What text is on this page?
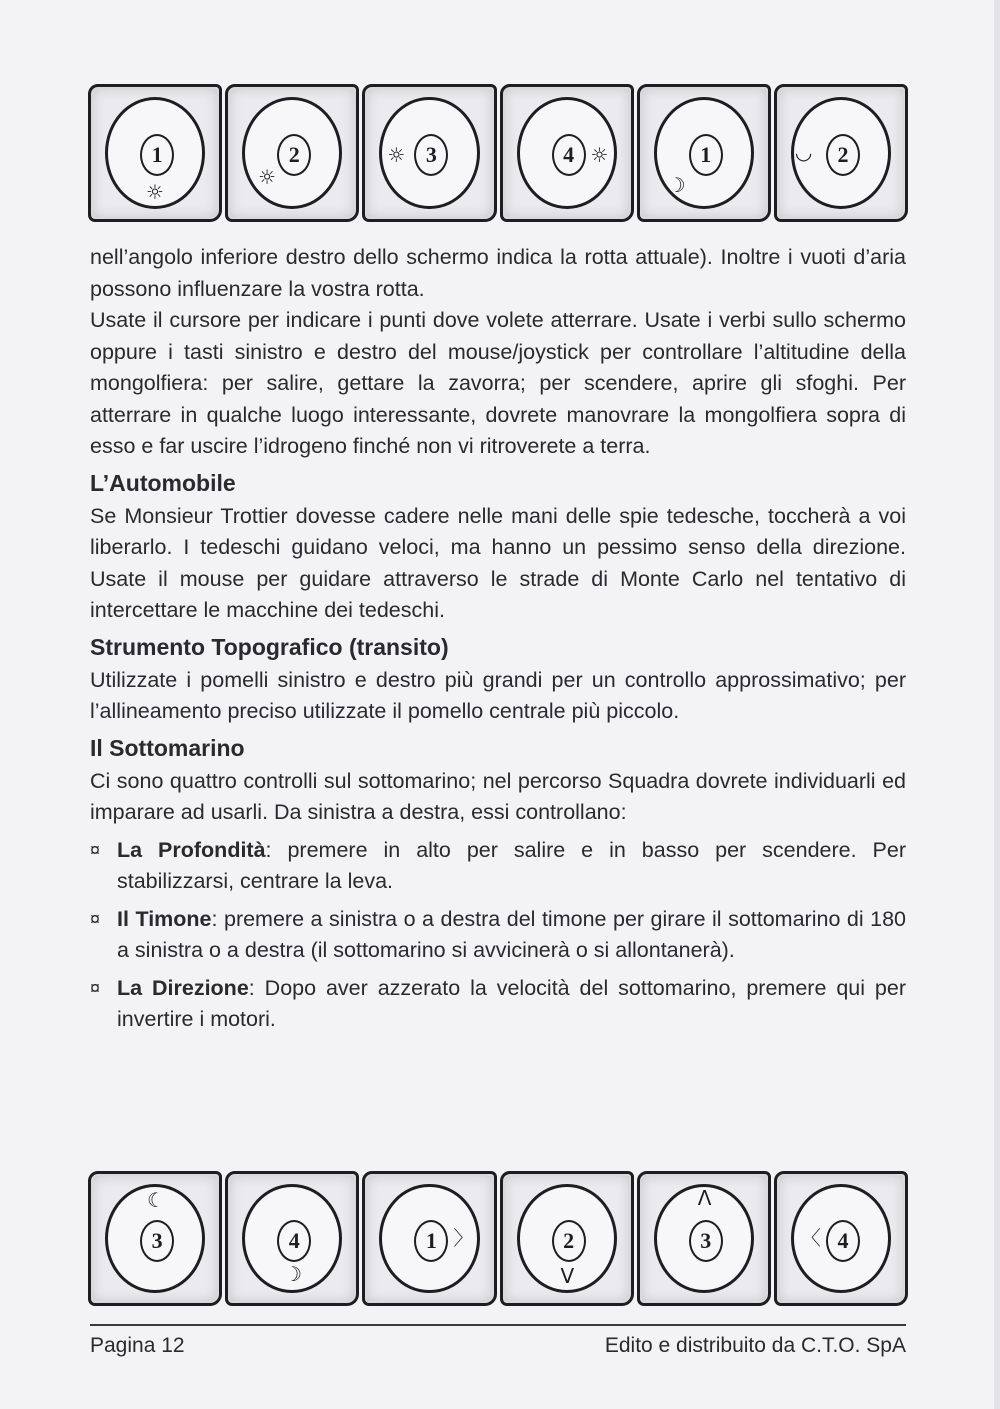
1
☼
2
☼
3
☼	4 ☼	1
☽
2
◡

nell’angolo inferiore destro dello schermo indica la rotta attuale). Inoltre i vuoti d’aria possono influenzare la vostra rotta.

Usate il cursore per indicare i punti dove volete atterrare. Usate i verbi sullo schermo oppure i tasti sinistro e destro del mouse/joystick per controllare l’altitudine della mongolfiera: per salire, gettare la zavorra; per scendere, aprire gli sfoghi. Per atterrare in qualche luogo interessante, dovrete manovrare la mongolfiera sopra di esso e far uscire l’idrogeno finché non vi ritroverete a terra.

L’Automobile

Se Monsieur Trottier dovesse cadere nelle mani delle spie tedesche, toccherà a voi liberarlo. I tedeschi guidano veloci, ma hanno un pessimo senso della direzione. Usate il mouse per guidare attraverso le strade di Monte Carlo nel tentativo di intercettare le macchine dei tedeschi.

Strumento Topografico (transito)

Utilizzate i pomelli sinistro e destro più grandi per un controllo approssimativo; per l’allineamento preciso utilizzate il pomello centrale più piccolo.

Il Sottomarino

Ci sono quattro controlli sul sottomarino; nel percorso Squadra dovrete individuarli ed imparare ad usarli. Da sinistra a destra, essi controllano:

¤ La Profondità: premere in alto per salire e in basso per scendere. Per stabilizzarsi, centrare la leva.
¤ Il Timone: premere a sinistra o a destra del timone per girare il sottomarino di 180 a sinistra o a destra (il sottomarino si avvicinerà o si allontanerà).
¤ La Direzione: Dopo aver azzerato la velocità del sottomarino, premere qui per invertire i motori.
3
☾
4
☽
1 〉	2
V
3
Λ
4
〈
Pagina 12	Edito e distribuito da C.T.O. SpA
